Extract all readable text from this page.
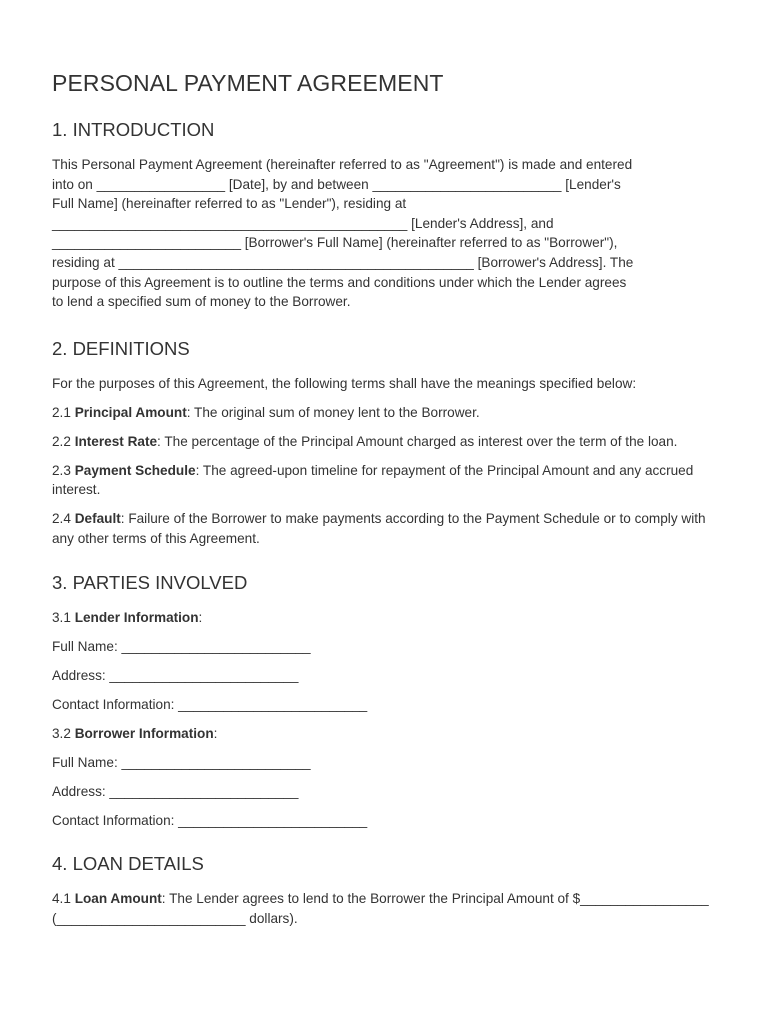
PERSONAL PAYMENT AGREEMENT
1. INTRODUCTION

This Personal Payment Agreement (hereinafter referred to as "Agreement") is made and entered
into on _________________ [Date], by and between _________________________ [Lender's
Full Name] (hereinafter referred to as "Lender"), residing at
_______________________________________________ [Lender's Address], and
_________________________ [Borrower's Full Name] (hereinafter referred to as "Borrower"),
residing at _______________________________________________ [Borrower's Address]. The
purpose of this Agreement is to outline the terms and conditions under which the Lender agrees
to lend a specified sum of money to the Borrower.

2. DEFINITIONS

For the purposes of this Agreement, the following terms shall have the meanings specified below:

2.1 Principal Amount: The original sum of money lent to the Borrower.

2.2 Interest Rate: The percentage of the Principal Amount charged as interest over the term of the loan.

2.3 Payment Schedule: The agreed-upon timeline for repayment of the Principal Amount and any accrued interest.

2.4 Default: Failure of the Borrower to make payments according to the Payment Schedule or to comply with any other terms of this Agreement.

3. PARTIES INVOLVED

3.1 Lender Information:

Full Name: _________________________

Address: _________________________

Contact Information: _________________________

3.2 Borrower Information:

Full Name: _________________________

Address: _________________________

Contact Information: _________________________

4. LOAN DETAILS

4.1 Loan Amount: The Lender agrees to lend to the Borrower the Principal Amount of $_________________ (_________________________ dollars).
